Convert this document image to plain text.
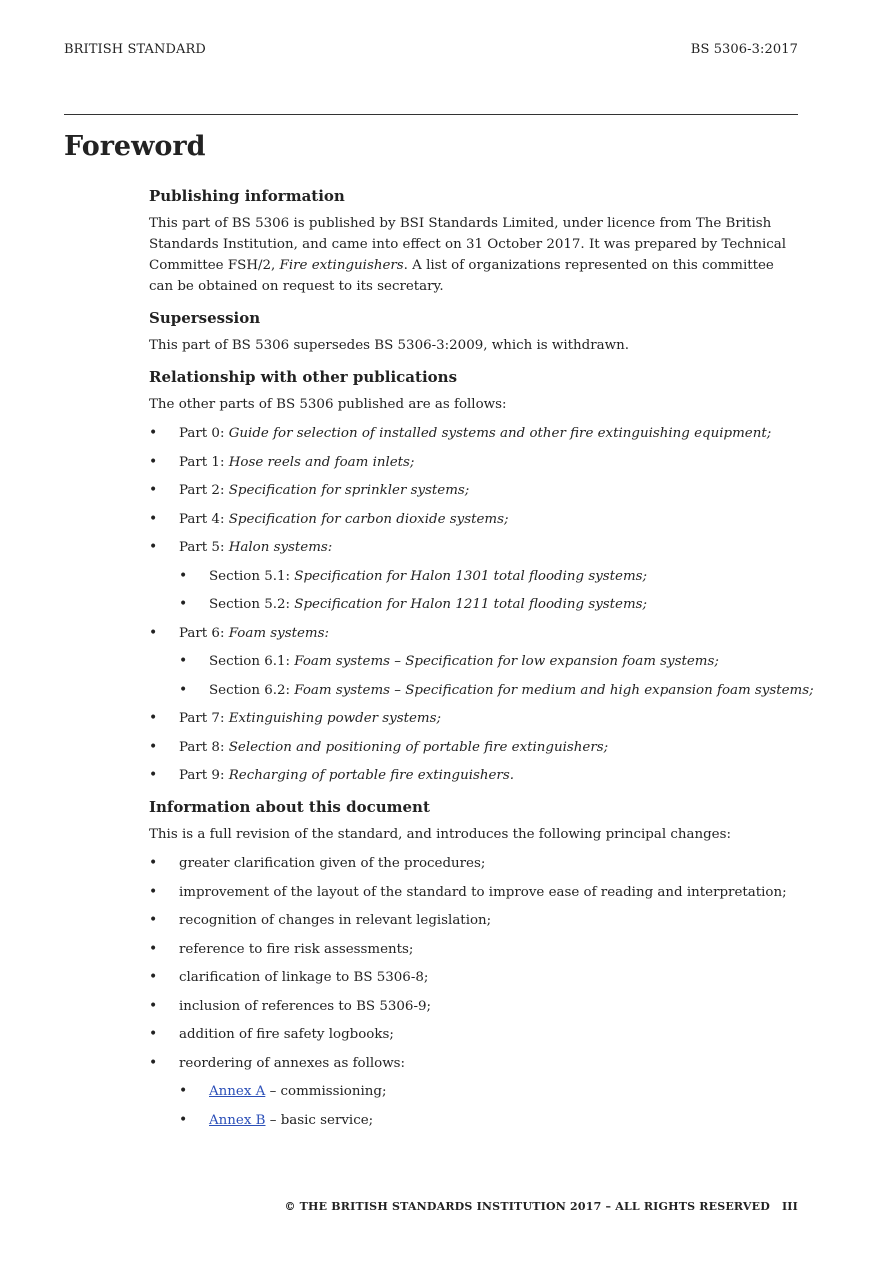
BRITISH STANDARD	BS 5306-3:2017
Foreword
Publishing information

This part of BS 5306 is published by BSI Standards Limited, under licence from The British Standards Institution, and came into effect on 31 October 2017. It was prepared by Technical Committee FSH/2, Fire extinguishers. A list of organizations represented on this committee can be obtained on request to its secretary.

Supersession

This part of BS 5306 supersedes BS 5306-3:2009, which is withdrawn.

Relationship with other publications

The other parts of BS 5306 published are as follows:

• Part 0: Guide for selection of installed systems and other fire extinguishing equipment;
• Part 1: Hose reels and foam inlets;
• Part 2: Specification for sprinkler systems;
• Part 4: Specification for carbon dioxide systems;
• Part 5: Halon systems:
• Section 5.1: Specification for Halon 1301 total flooding systems;
• Section 5.2: Specification for Halon 1211 total flooding systems;
• Part 6: Foam systems:
• Section 6.1: Foam systems – Specification for low expansion foam systems;
• Section 6.2: Foam systems – Specification for medium and high expansion foam systems;
• Part 7: Extinguishing powder systems;
• Part 8: Selection and positioning of portable fire extinguishers;
• Part 9: Recharging of portable fire extinguishers.
Information about this document

This is a full revision of the standard, and introduces the following principal changes:

• greater clarification given of the procedures;
• improvement of the layout of the standard to improve ease of reading and interpretation;
• recognition of changes in relevant legislation;
• reference to fire risk assessments;
• clarification of linkage to BS 5306-8;
• inclusion of references to BS 5306-9;
• addition of fire safety logbooks;
• reordering of annexes as follows:
• Annex A – commissioning;
• Annex B – basic service;
© THE BRITISH STANDARDS INSTITUTION 2017 – ALL RIGHTS RESERVED III
